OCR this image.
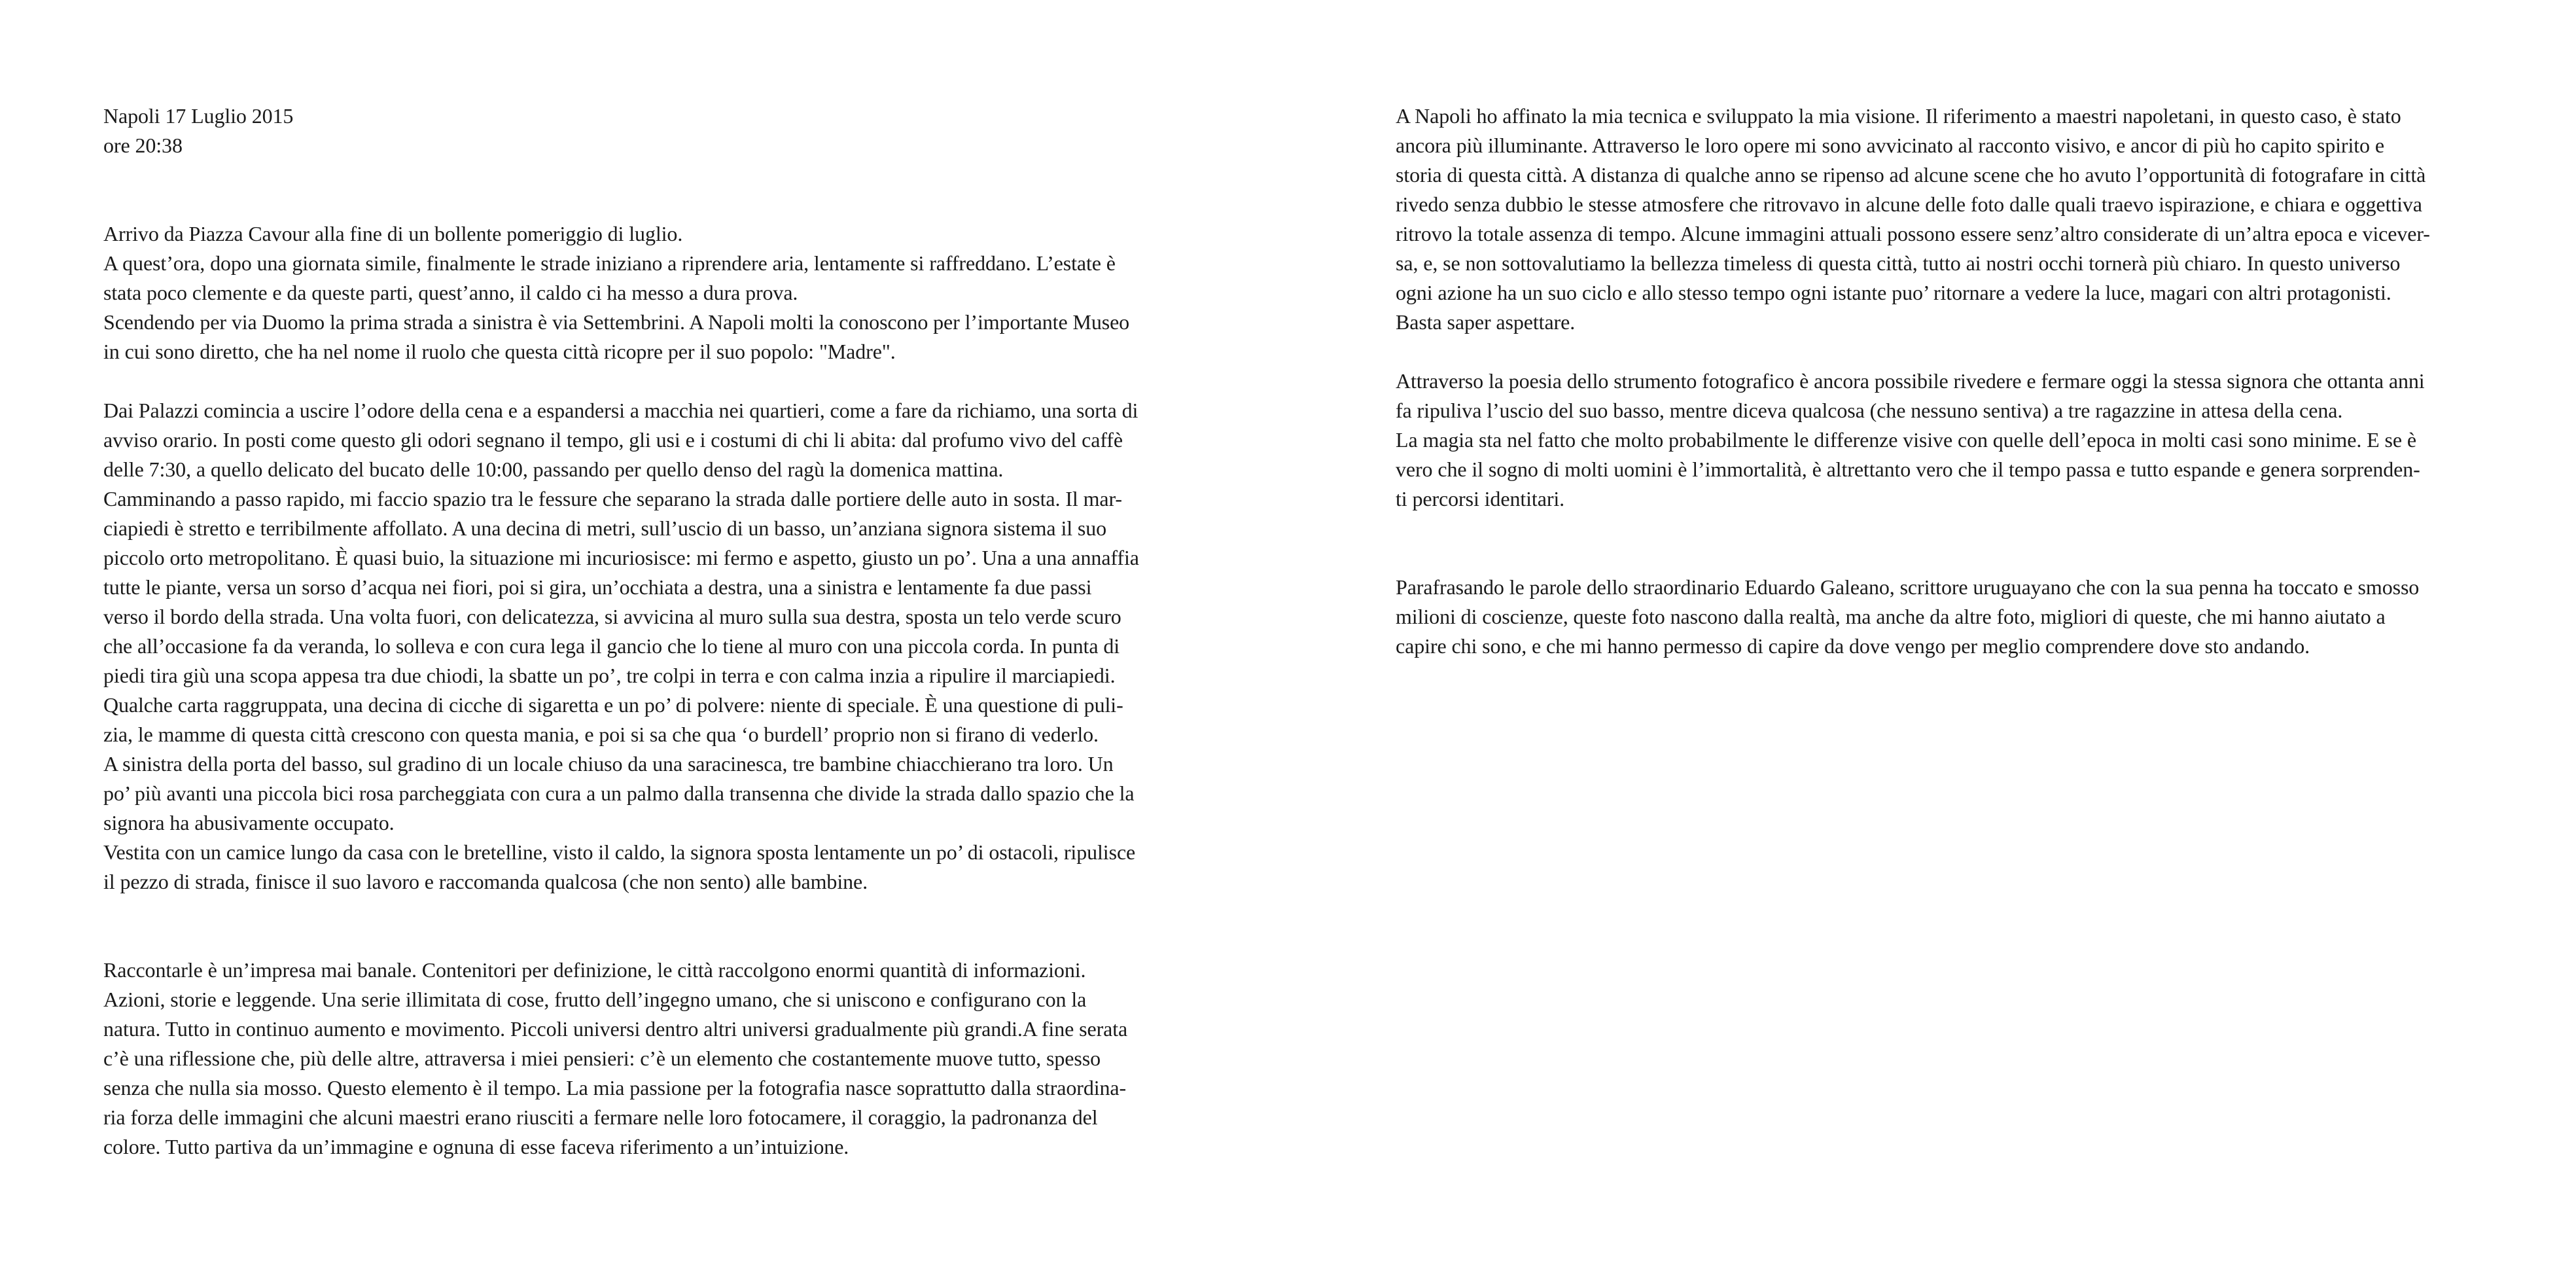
Napoli 17 Luglio 2015
ore 20:38
Arrivo da Piazza Cavour alla fine di un bollente pomeriggio di luglio.
A quest’ora, dopo una giornata simile, finalmente le strade iniziano a riprendere aria, lentamente si raffreddano. L’estate è
stata poco clemente e da queste parti, quest’anno, il caldo ci ha messo a dura prova.
Scendendo per via Duomo la prima strada a sinistra è via Settembrini. A Napoli molti la conoscono per l’importante Museo
in cui sono diretto, che ha nel nome il ruolo che questa città ricopre per il suo popolo: "Madre".
Dai Palazzi comincia a uscire l’odore della cena e a espandersi a macchia nei quartieri, come a fare da richiamo, una sorta di
avviso orario. In posti come questo gli odori segnano il tempo, gli usi e i costumi di chi li abita: dal profumo vivo del caffè
delle 7:30, a quello delicato del bucato delle 10:00, passando per quello denso del ragù la domenica mattina.
Camminando a passo rapido, mi faccio spazio tra le fessure che separano la strada dalle portiere delle auto in sosta. Il mar-
ciapiedi è stretto e terribilmente affollato. A una decina di metri, sull’uscio di un basso, un’anziana signora sistema il suo
piccolo orto metropolitano. È quasi buio, la situazione mi incuriosisce: mi fermo e aspetto, giusto un po’. Una a una annaffia
tutte le piante, versa un sorso d’acqua nei fiori, poi si gira, un’occhiata a destra, una a sinistra e lentamente fa due passi
verso il bordo della strada. Una volta fuori, con delicatezza, si avvicina al muro sulla sua destra, sposta un telo verde scuro
che all’occasione fa da veranda, lo solleva e con cura lega il gancio che lo tiene al muro con una piccola corda. In punta di
piedi tira giù una scopa appesa tra due chiodi, la sbatte un po’, tre colpi in terra e con calma inzia a ripulire il marciapiedi.
Qualche carta raggruppata, una decina di cicche di sigaretta e un po’ di polvere: niente di speciale. È una questione di puli-
zia, le mamme di questa città crescono con questa mania, e poi si sa che qua ‘o burdell’ proprio non si firano di vederlo.
A sinistra della porta del basso, sul gradino di un locale chiuso da una saracinesca, tre bambine chiacchierano tra loro. Un
po’ più avanti una piccola bici rosa parcheggiata con cura a un palmo dalla transenna che divide la strada dallo spazio che la
signora ha abusivamente occupato.
Vestita con un camice lungo da casa con le bretelline, visto il caldo, la signora sposta lentamente un po’ di ostacoli, ripulisce
il pezzo di strada, finisce il suo lavoro e raccomanda qualcosa (che non sento) alle bambine.
Raccontarle è un’impresa mai banale. Contenitori per definizione, le città raccolgono enormi quantità di informazioni.
Azioni, storie e leggende. Una serie illimitata di cose, frutto dell’ingegno umano, che si uniscono e configurano con la
natura. Tutto in continuo aumento e movimento. Piccoli universi dentro altri universi gradualmente più grandi.A fine serata
c’è una riflessione che, più delle altre, attraversa i miei pensieri: c’è un elemento che costantemente muove tutto, spesso
senza che nulla sia mosso. Questo elemento è il tempo. La mia passione per la fotografia nasce soprattutto dalla straordina-
ria forza delle immagini che alcuni maestri erano riusciti a fermare nelle loro fotocamere, il coraggio, la padronanza del
colore. Tutto partiva da un’immagine e ognuna di esse faceva riferimento a un’intuizione.
A Napoli ho affinato la mia tecnica e sviluppato la mia visione. Il riferimento a maestri napoletani, in questo caso, è stato
ancora più illuminante. Attraverso le loro opere mi sono avvicinato al racconto visivo, e ancor di più ho capito spirito e
storia di questa città. A distanza di qualche anno se ripenso ad alcune scene che ho avuto l’opportunità di fotografare in città
rivedo senza dubbio le stesse atmosfere che ritrovavo in alcune delle foto dalle quali traevo ispirazione, e chiara e oggettiva
ritrovo la totale assenza di tempo. Alcune immagini attuali possono essere senz’altro considerate di un’altra epoca e vicever-
sa, e, se non sottovalutiamo la bellezza timeless di questa città, tutto ai nostri occhi tornerà più chiaro. In questo universo
ogni azione ha un suo ciclo e allo stesso tempo ogni istante puo’ ritornare a vedere la luce, magari con altri protagonisti.
Basta saper aspettare.
Attraverso la poesia dello strumento fotografico è ancora possibile rivedere e fermare oggi la stessa signora che ottanta anni
fa ripuliva l’uscio del suo basso, mentre diceva qualcosa (che nessuno sentiva) a tre ragazzine in attesa della cena.
La magia sta nel fatto che molto probabilmente le differenze visive con quelle dell’epoca in molti casi sono minime. E se è
vero che il sogno di molti uomini è l’immortalità, è altrettanto vero che il tempo passa e tutto espande e genera sorprenden-
ti percorsi identitari.
Parafrasando le parole dello straordinario Eduardo Galeano, scrittore uruguayano che con la sua penna ha toccato e smosso
milioni di coscienze, queste foto nascono dalla realtà, ma anche da altre foto, migliori di queste, che mi hanno aiutato a
capire chi sono, e che mi hanno permesso di capire da dove vengo per meglio comprendere dove sto andando.
